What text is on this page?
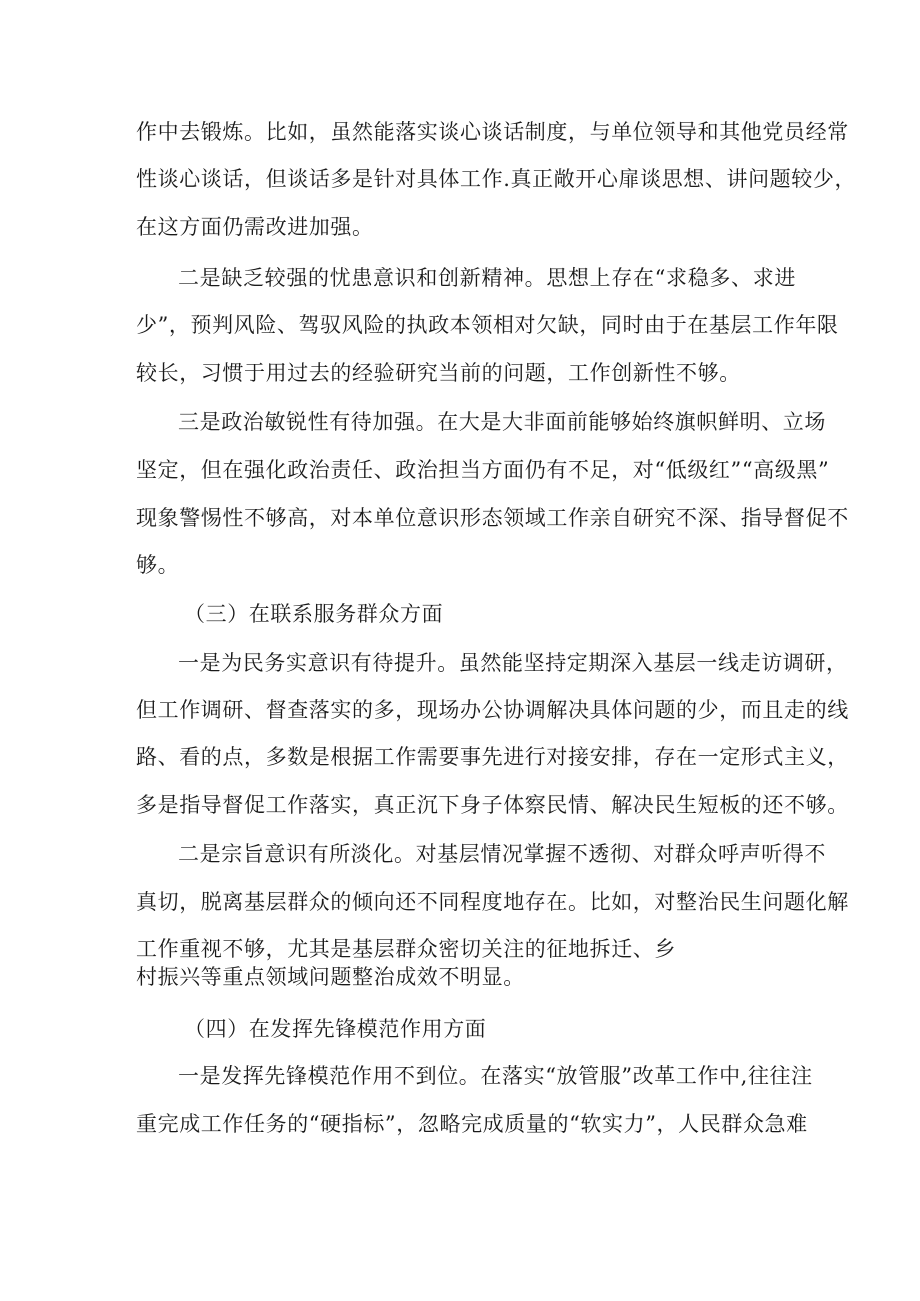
作中去锻炼。比如，虽然能落实谈心谈话制度，与单位领导和其他党员经常
性谈心谈话，但谈话多是针对具体工作.真正敞开心扉谈思想、讲问题较少，
在这方面仍需改进加强。
二是缺乏较强的忧患意识和创新精神。思想上存在“求稳多、求进
少”，预判风险、驾驭风险的执政本领相对欠缺，同时由于在基层工作年限
较长，习惯于用过去的经验研究当前的问题，工作创新性不够。
三是政治敏锐性有待加强。在大是大非面前能够始终旗帜鲜明、立场
坚定，但在强化政治责任、政治担当方面仍有不足，对“低级红”“高级黑”
现象警惕性不够高，对本单位意识形态领域工作亲自研究不深、指导督促不
够。
（三）在联系服务群众方面
一是为民务实意识有待提升。虽然能坚持定期深入基层一线走访调研，
但工作调研、督查落实的多，现场办公协调解决具体问题的少，而且走的线
路、看的点，多数是根据工作需要事先进行对接安排，存在一定形式主义，
多是指导督促工作落实，真正沉下身子体察民情、解决民生短板的还不够。
二是宗旨意识有所淡化。对基层情况掌握不透彻、对群众呼声听得不
真切，脱离基层群众的倾向还不同程度地存在。比如，对整治民生问题化解
工作重视不够，尤其是基层群众密切关注的征地拆迁、乡
村振兴等重点领域问题整治成效不明显。
（四）在发挥先锋模范作用方面
一是发挥先锋模范作用不到位。在落实“放管服”改革工作中,往往注
重完成工作任务的“硬指标”，忽略完成质量的“软实力”，人民群众急难
